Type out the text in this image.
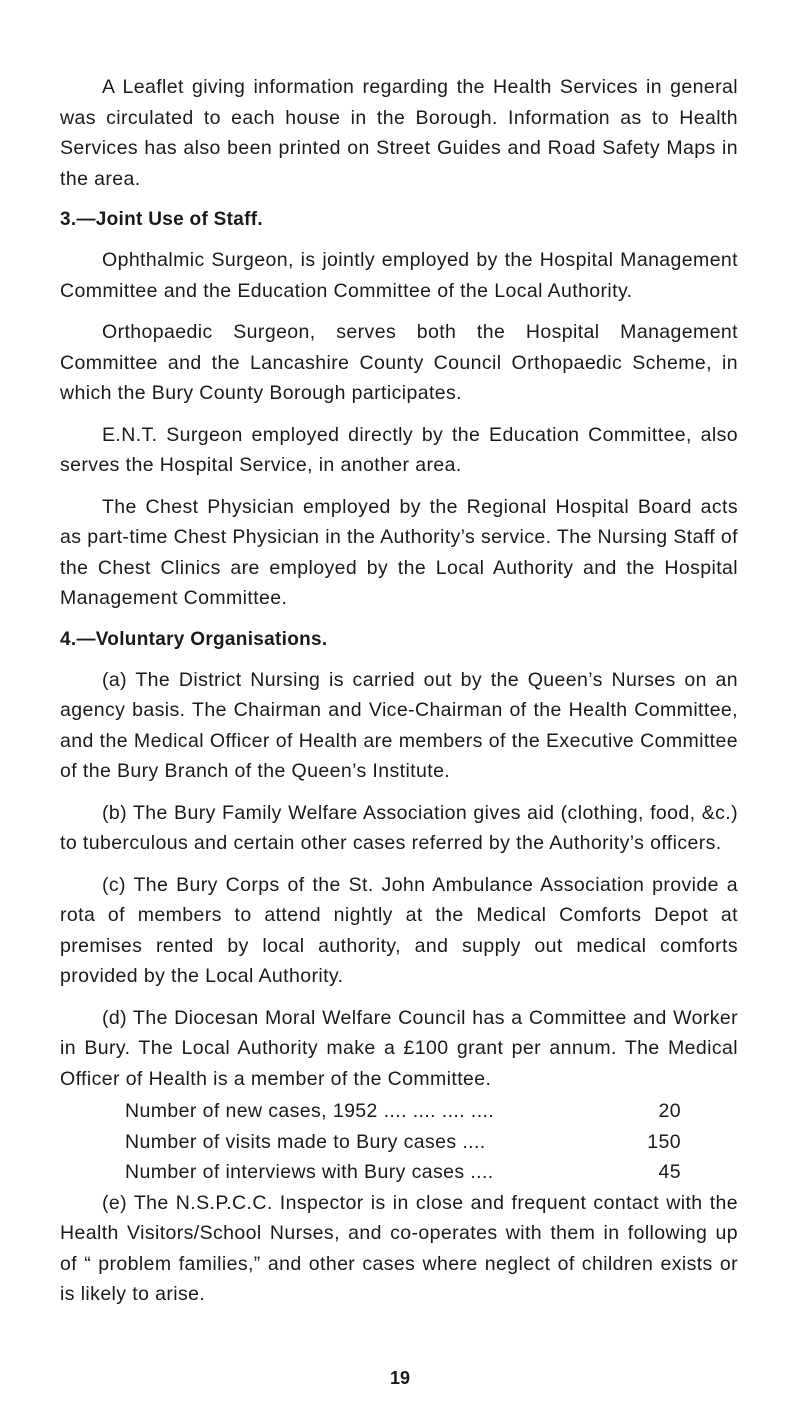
A Leaflet giving information regarding the Health Services in general was circulated to each house in the Borough. Information as to Health Services has also been printed on Street Guides and Road Safety Maps in the area.

3.—Joint Use of Staff.

Ophthalmic Surgeon, is jointly employed by the Hospital Management Committee and the Education Committee of the Local Authority.

Orthopaedic Surgeon, serves both the Hospital Management Committee and the Lancashire County Council Orthopaedic Scheme, in which the Bury County Borough participates.

E.N.T. Surgeon employed directly by the Education Committee, also serves the Hospital Service, in another area.

The Chest Physician employed by the Regional Hospital Board acts as part-time Chest Physician in the Authority’s service. The Nursing Staff of the Chest Clinics are employed by the Local Authority and the Hospital Management Committee.

4.—Voluntary Organisations.

(a) The District Nursing is carried out by the Queen’s Nurses on an agency basis. The Chairman and Vice-Chairman of the Health Committee, and the Medical Officer of Health are members of the Executive Committee of the Bury Branch of the Queen’s Institute.

(b) The Bury Family Welfare Association gives aid (clothing, food, &c.) to tuberculous and certain other cases referred by the Authority’s officers.

(c) The Bury Corps of the St. John Ambulance Association provide a rota of members to attend nightly at the Medical Comforts Depot at premises rented by local authority, and supply out medical comforts provided by the Local Authority.

(d) The Diocesan Moral Welfare Council has a Committee and Worker in Bury. The Local Authority make a £100 grant per annum. The Medical Officer of Health is a member of the Committee.

Number of new cases, 1952 .... .... .... ....	20
Number of visits made to Bury cases ....	150
Number of interviews with Bury cases ....	45

(e) The N.S.P.C.C. Inspector is in close and frequent contact with the Health Visitors/School Nurses, and co-operates with them in following up of “ problem families,” and other cases where neglect of children exists or is likely to arise.

19
